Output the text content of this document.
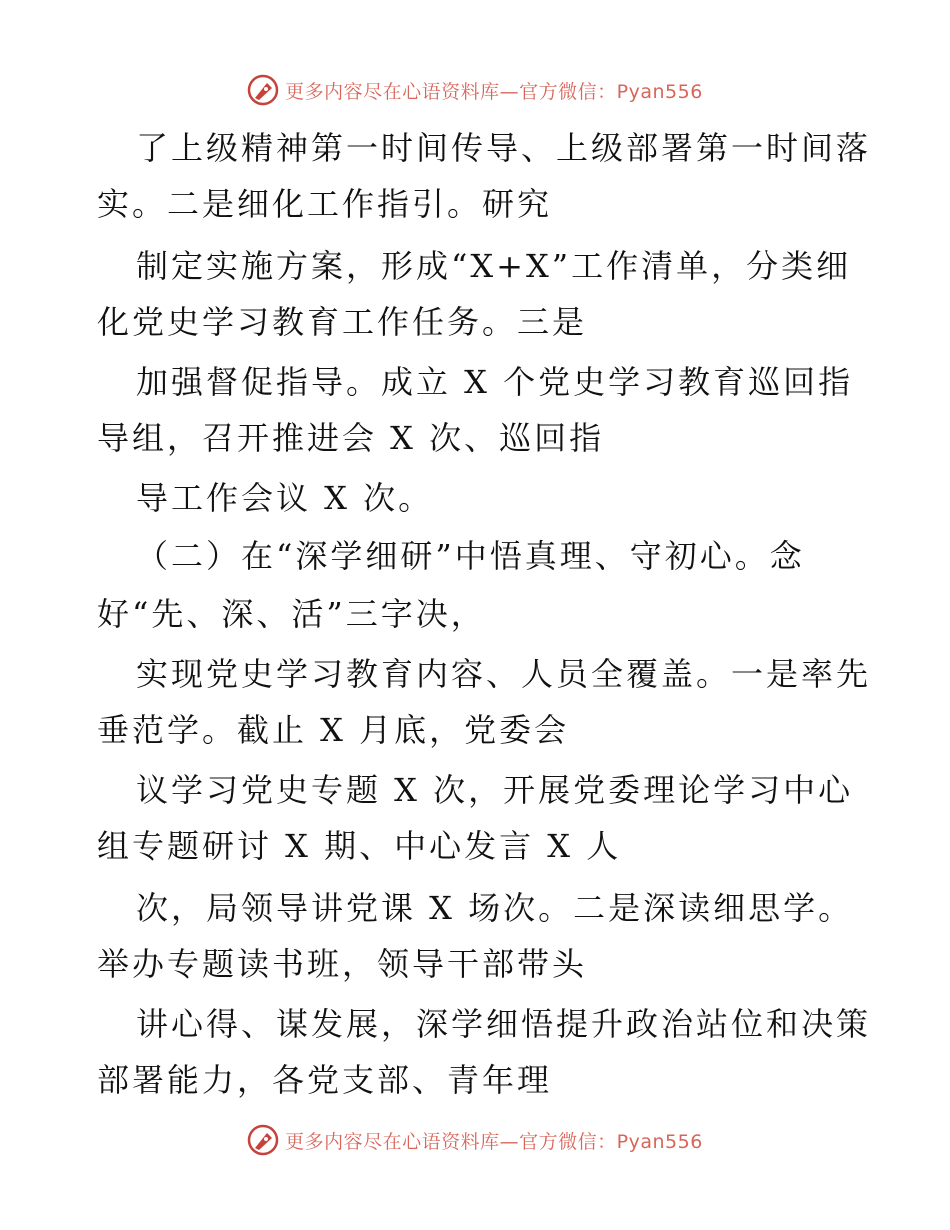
更多内容尽在心语资料库—官方微信：Pyan556
了上级精神第一时间传导、上级部署第一时间落
实。二是细化工作指引。研究
制定实施方案，形成“X+X”工作清单，分类细
化党史学习教育工作任务。三是
加强督促指导。成立 X 个党史学习教育巡回指
导组，召开推进会 X 次、巡回指
导工作会议 X 次。
（二）在“深学细研”中悟真理、守初心。念
好“先、深、活”三字决，
实现党史学习教育内容、人员全覆盖。一是率先
垂范学。截止 X 月底，党委会
议学习党史专题 X 次，开展党委理论学习中心
组专题研讨 X 期、中心发言 X 人
次，局领导讲党课 X 场次。二是深读细思学。
举办专题读书班，领导干部带头
讲心得、谋发展，深学细悟提升政治站位和决策
部署能力，各党支部、青年理
更多内容尽在心语资料库—官方微信：Pyan556
